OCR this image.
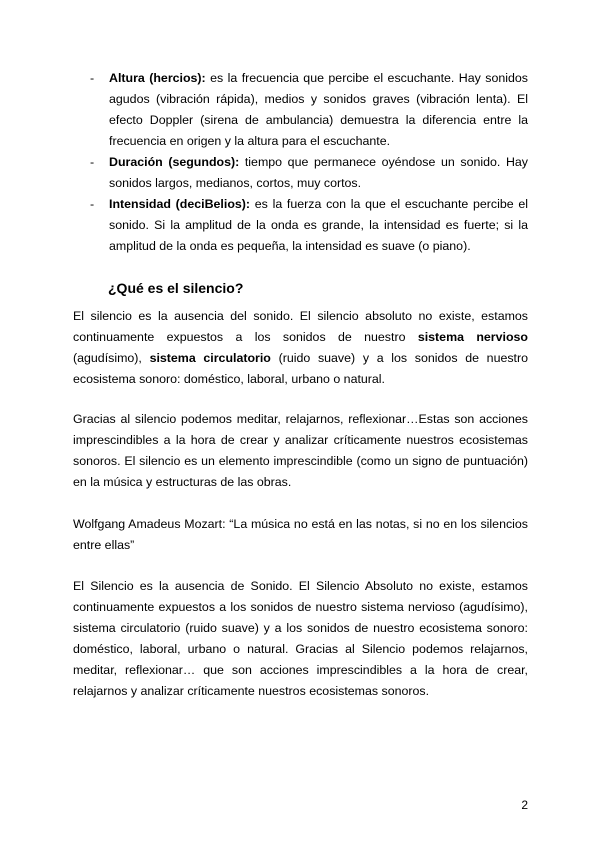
- Altura (hercios): es la frecuencia que percibe el escuchante. Hay sonidos agudos (vibración rápida), medios y sonidos graves (vibración lenta). El efecto Doppler (sirena de ambulancia) demuestra la diferencia entre la frecuencia en origen y la altura para el escuchante.
- Duración (segundos): tiempo que permanece oyéndose un sonido. Hay sonidos largos, medianos, cortos, muy cortos.
- Intensidad (deciBelios): es la fuerza con la que el escuchante percibe el sonido. Si la amplitud de la onda es grande, la intensidad es fuerte; si la amplitud de la onda es pequeña, la intensidad es suave (o piano).
¿Qué es el silencio?

El silencio es la ausencia del sonido. El silencio absoluto no existe, estamos continuamente expuestos a los sonidos de nuestro sistema nervioso (agudísimo), sistema circulatorio (ruido suave) y a los sonidos de nuestro ecosistema sonoro: doméstico, laboral, urbano o natural.

Gracias al silencio podemos meditar, relajarnos, reflexionar…Estas son acciones imprescindibles a la hora de crear y analizar críticamente nuestros ecosistemas sonoros. El silencio es un elemento imprescindible (como un signo de puntuación) en la música y estructuras de las obras.

Wolfgang Amadeus Mozart: “La música no está en las notas, si no en los silencios entre ellas”

El Silencio es la ausencia de Sonido. El Silencio Absoluto no existe, estamos continuamente expuestos a los sonidos de nuestro sistema nervioso (agudísimo), sistema circulatorio (ruido suave) y a los sonidos de nuestro ecosistema sonoro: doméstico, laboral, urbano o natural. Gracias al Silencio podemos relajarnos, meditar, reflexionar… que son acciones imprescindibles a la hora de crear, relajarnos y analizar críticamente nuestros ecosistemas sonoros.

2
